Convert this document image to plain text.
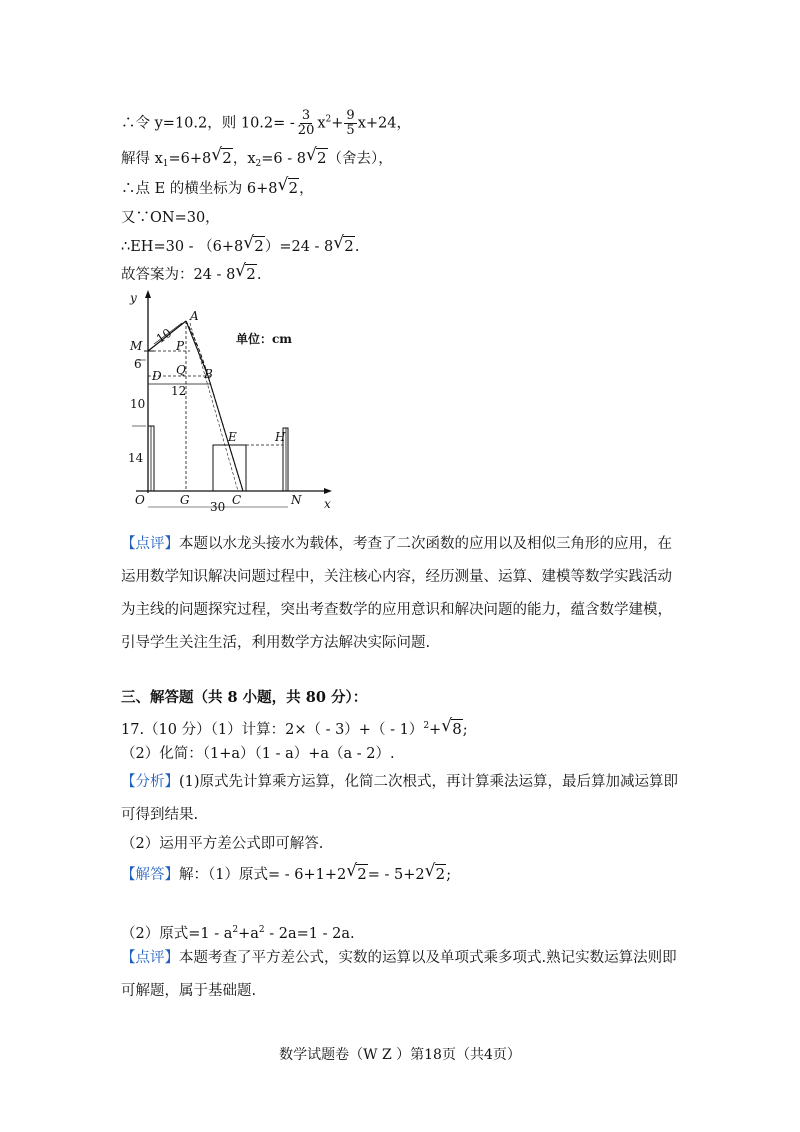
∴令 y=10.2，则 $10.2= - \frac{3}{20} x^2+ \frac{9}{5} x+24$，
解得 $x_1=6+8√$ 2，$x_2=6 - 8√$ 2（舍去），
∴点 E 的横坐标为 6+8√ 2，
又∵ON=30，
∴EH=30 - （6+8√ 2）=24 - 8√ 2.
故答案为：24 - 8√ 2.
y
x
10
6
12
10
14
30
A
M	P
Q
D	B
E	H
O	G	C	N
单位：cm
【点评】本题以水龙头接水为载体，考查了二次函数的应用以及相似三角形的应用，在运用数学知识解决问题过程中，关注核心内容，经历测量、运算、建模等数学实践活动为主线的问题探究过程，突出考查数学的应用意识和解决问题的能力，蕴含数学建模，引导学生关注生活，利用数学方法解决实际问题.
三、解答题（共 8 小题，共 80 分）：
17.（10 分）（1）计算：2×（ - 3）+（ - 1）$^2$+√ 8;
（2）化简：（1+a）（1 - a）+a（a - 2）.
【分析】(1)原式先计算乘方运算，化简二次根式，再计算乘法运算，最后算加减运算即可得到结果.
（2）运用平方差公式即可解答.
【解答】解：（1）原式= - 6+1+2√ 2= - 5+2√ 2;
（2）原式$=1 - a^2+a^2 - 2a=1 - 2a$.
【点评】本题考查了平方差公式，实数的运算以及单项式乘多项式.熟记实数运算法则即可解题，属于基础题.
数学试题卷（W Z ）第18页（共4页）
